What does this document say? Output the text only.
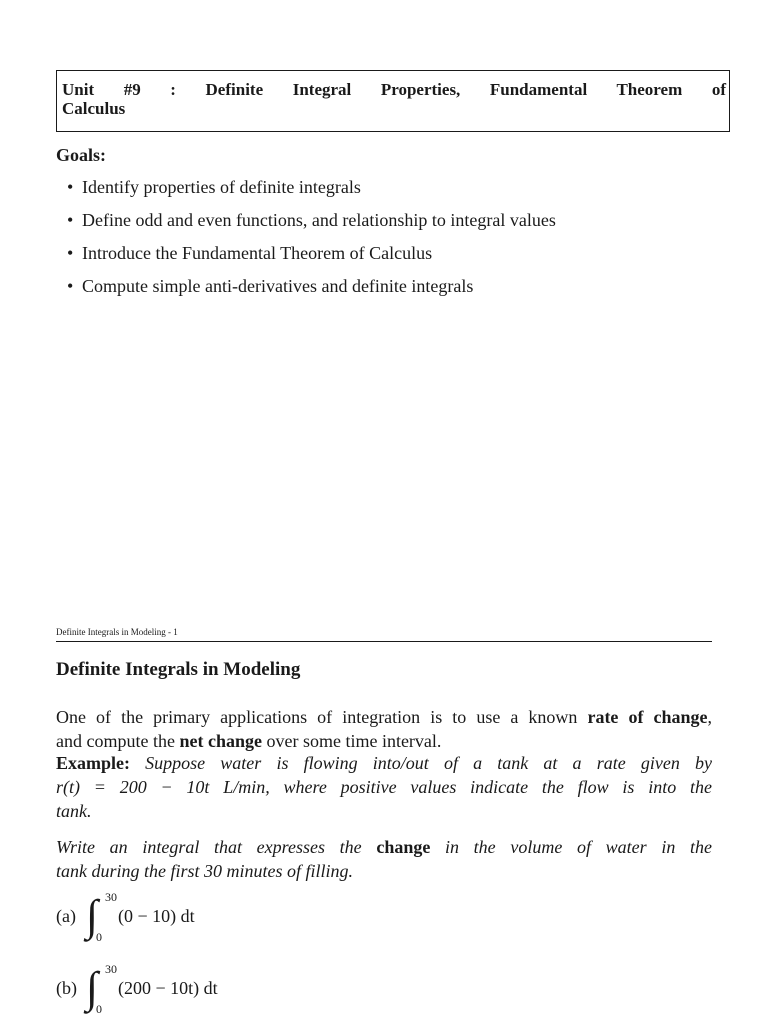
Unit #9 : Definite Integral Properties, Fundamental Theorem of
Calculus
Goals:
• Identify properties of definite integrals
• Define odd and even functions, and relationship to integral values
• Introduce the Fundamental Theorem of Calculus
• Compute simple anti-derivatives and definite integrals
Definite Integrals in Modeling - 1
Definite Integrals in Modeling
One of the primary applications of integration is to use a known rate of change,
and compute the net change over some time interval.
Example: Suppose water is flowing into/out of a tank at a rate given by
r(t) = 200 − 10t L/min, where positive values indicate the flow is into the
tank.
Write an integral that expresses the change in the volume of water in the
tank during the first 30 minutes of filling.
(a) ∫ 30
0
(0 − 10) dt
(b) ∫ 30
0
(200 − 10t) dt
